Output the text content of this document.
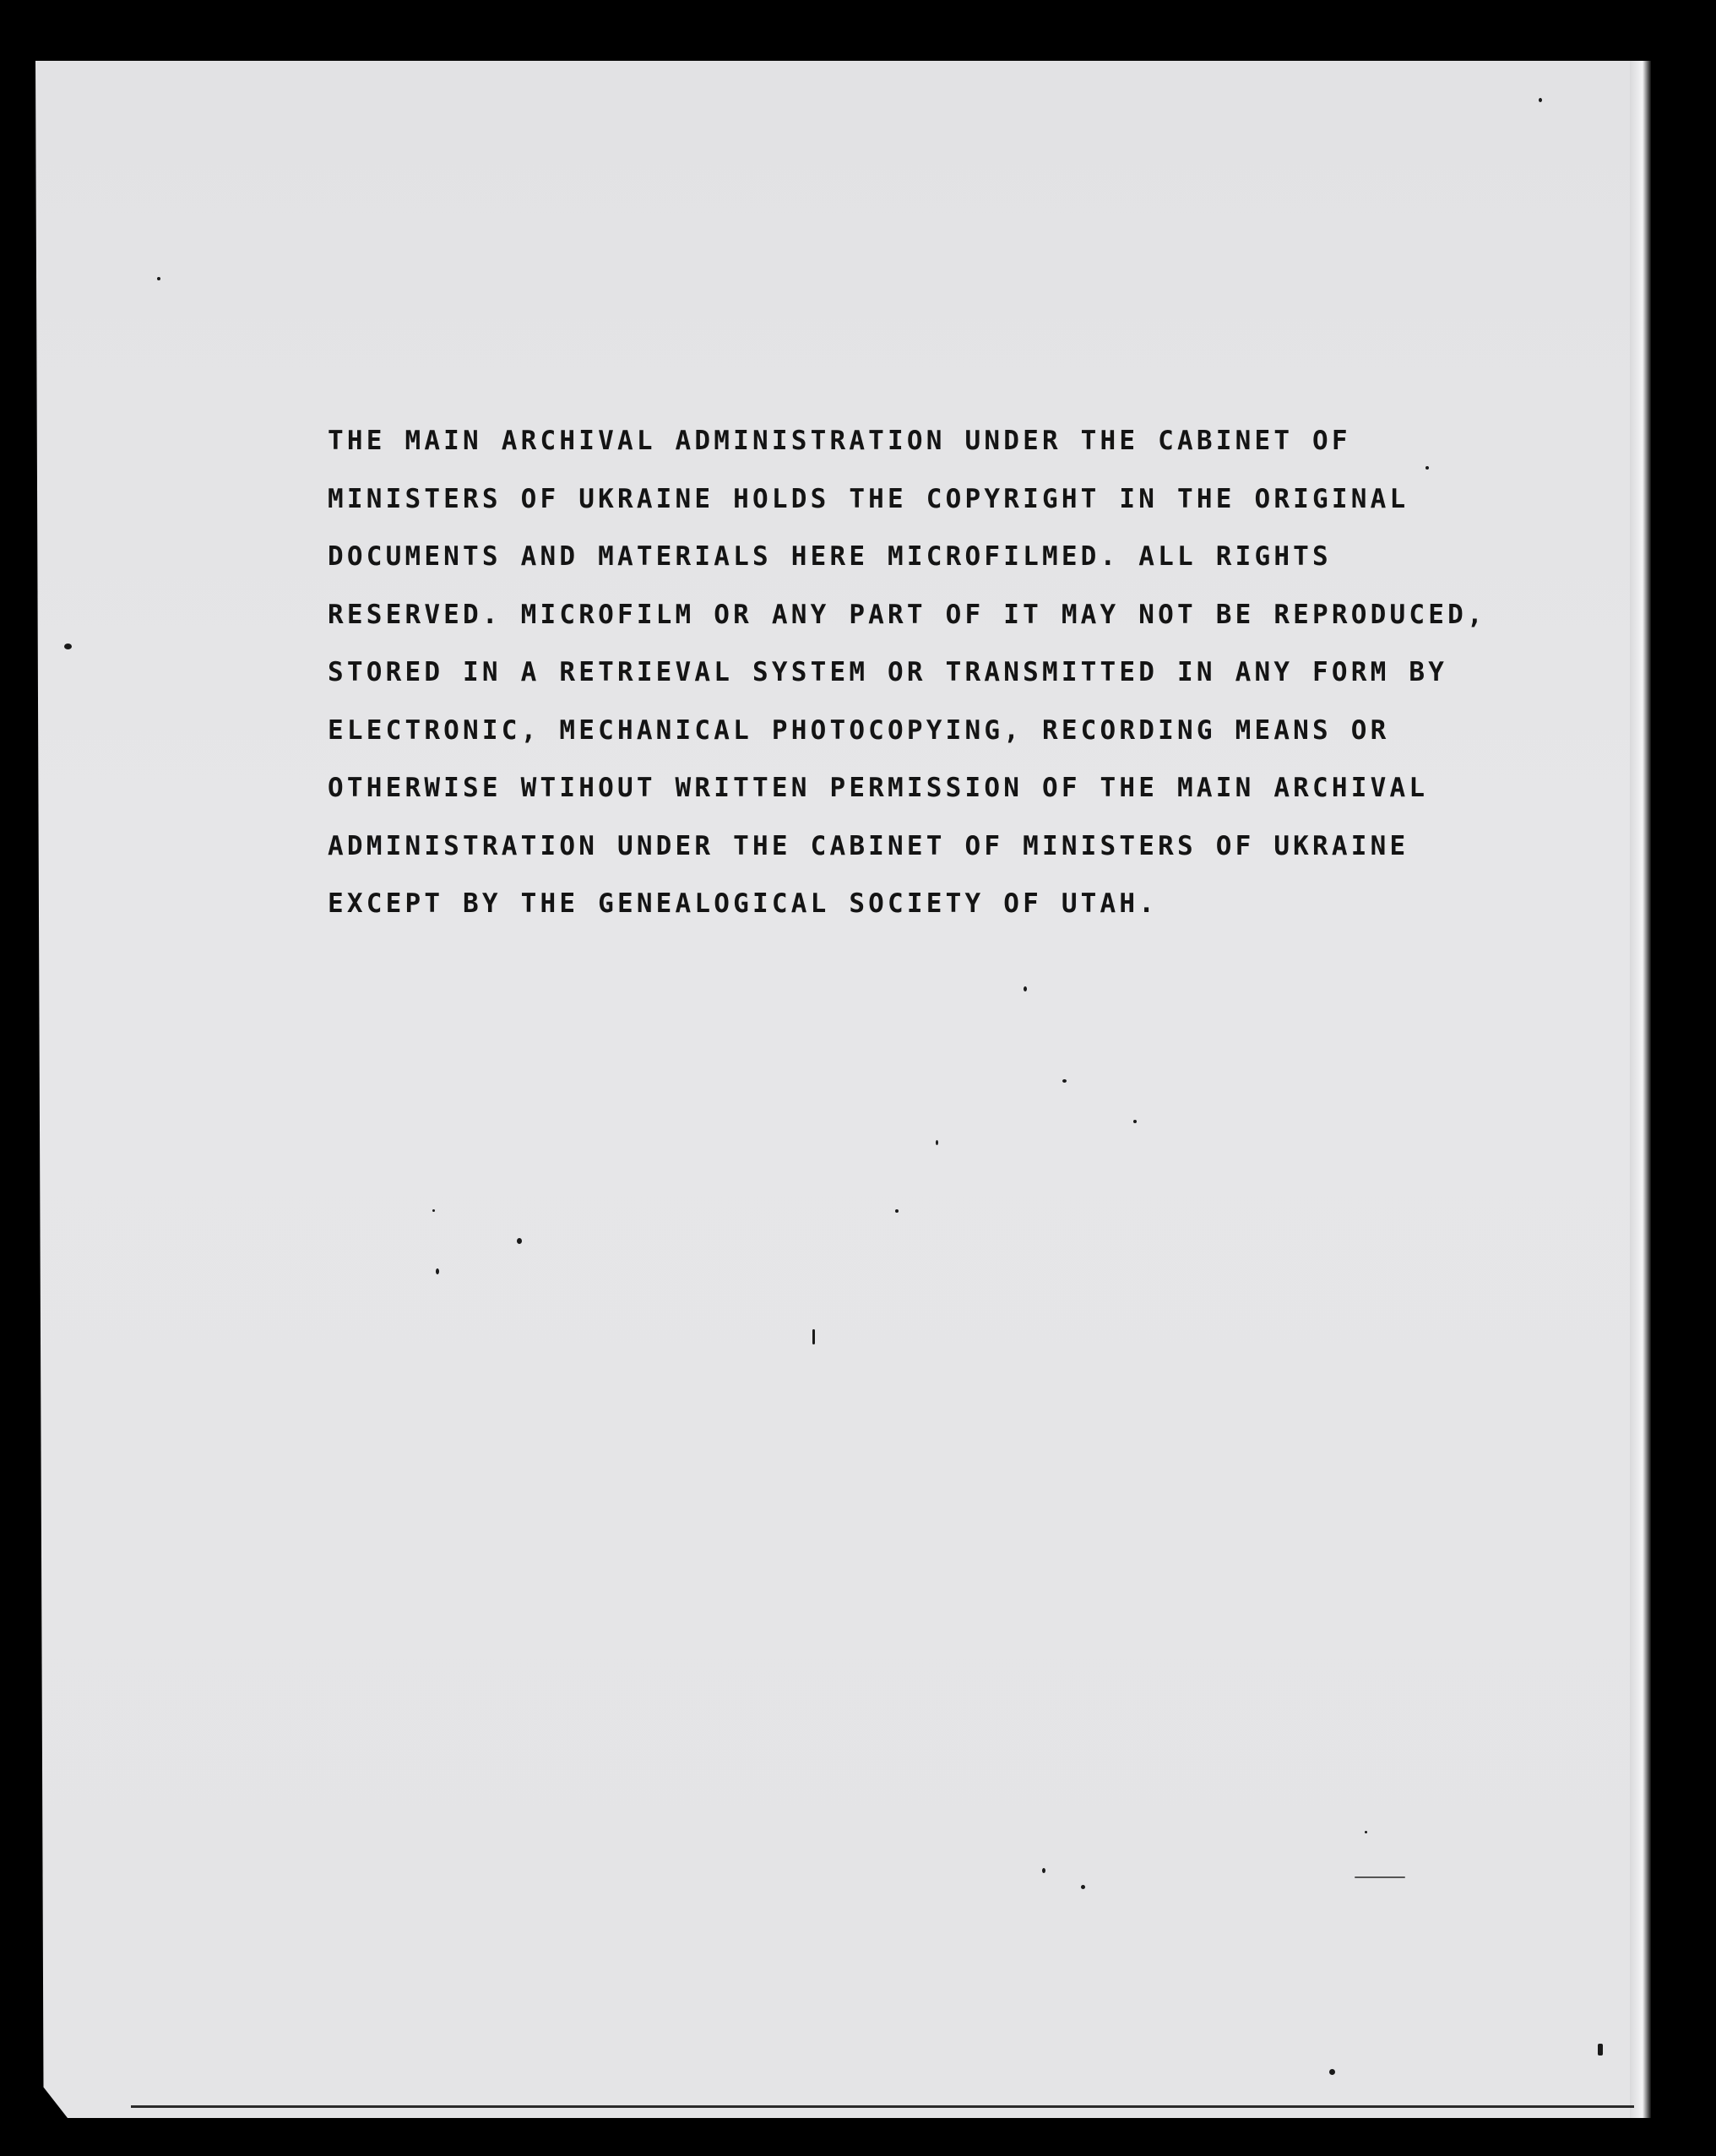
THE MAIN ARCHIVAL ADMINISTRATION UNDER THE CABINET OF
MINISTERS OF UKRAINE HOLDS THE COPYRIGHT IN THE ORIGINAL
DOCUMENTS AND MATERIALS HERE MICROFILMED. ALL RIGHTS
RESERVED. MICROFILM OR ANY PART OF IT MAY NOT BE REPRODUCED,
STORED IN A RETRIEVAL SYSTEM OR TRANSMITTED IN ANY FORM BY
ELECTRONIC, MECHANICAL PHOTOCOPYING, RECORDING MEANS OR
OTHERWISE WTIHOUT WRITTEN PERMISSION OF THE MAIN ARCHIVAL
ADMINISTRATION UNDER THE CABINET OF MINISTERS OF UKRAINE
EXCEPT BY THE GENEALOGICAL SOCIETY OF UTAH.
